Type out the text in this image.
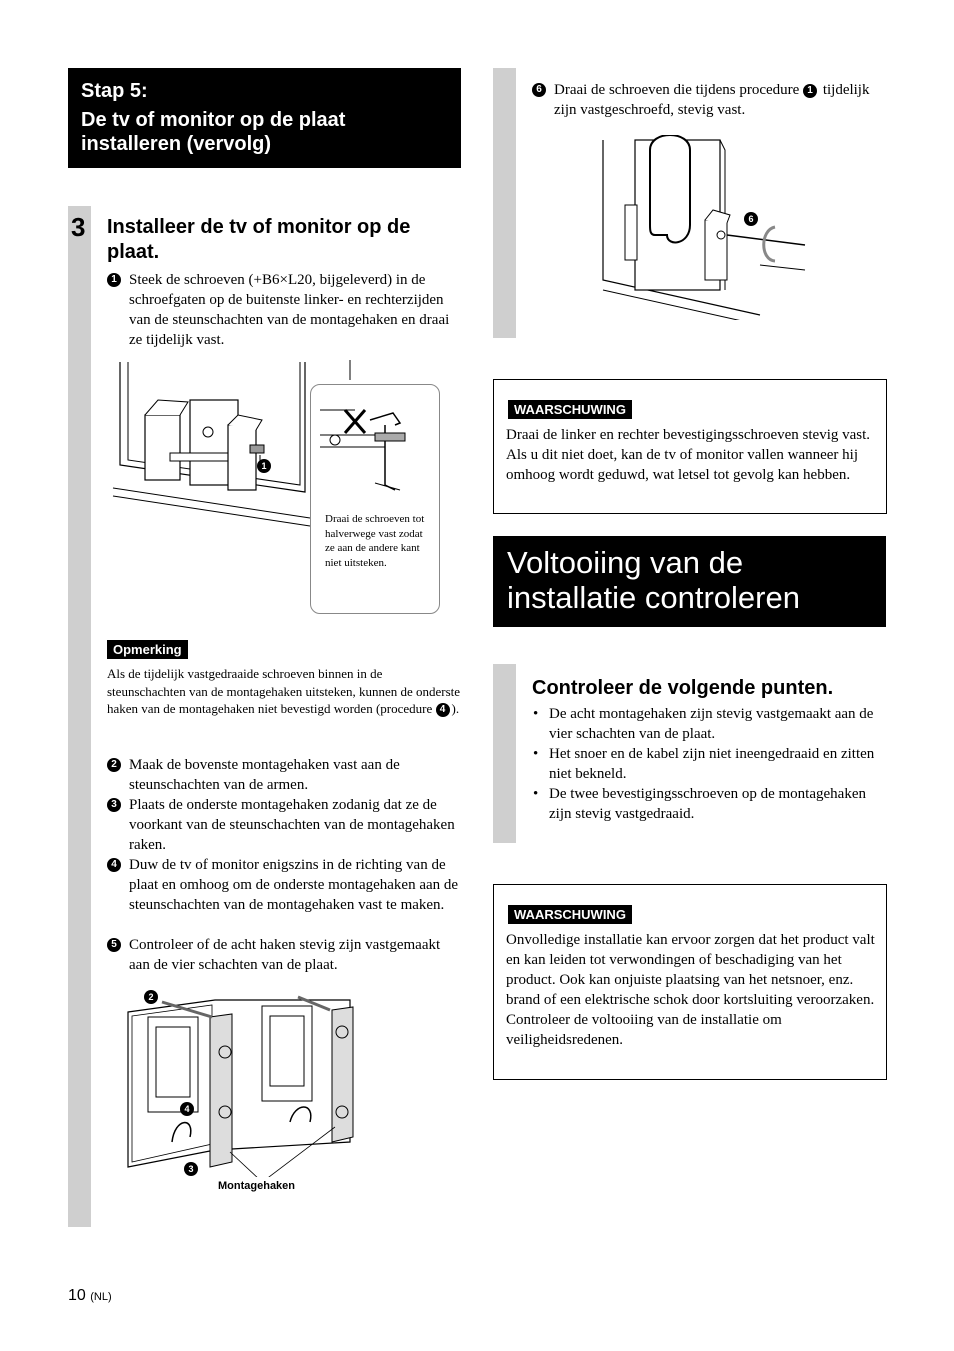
Stap 5:
De tv of monitor op de plaat installeren (vervolg)
3 Installeer de tv of monitor op de plaat.
1 Steek de schroeven (+B6×L20, bijgeleverd) in de schroefgaten op de buitenste linker- en rechterzijden van de steunschachten van de montagehaken en draai ze tijdelijk vast.
1
Draai de schroeven tot halverwege vast zodat ze aan de andere kant niet uitsteken.
Opmerking
Als de tijdelijk vastgedraaide schroeven binnen in de steunschachten van de montagehaken uitsteken, kunnen de onderste haken van de montagehaken niet bevestigd worden (procedure 4 ).
2 Maak de bovenste montagehaken vast aan de steunschachten van de armen.
3 Plaats de onderste montagehaken zodanig dat ze de voorkant van de steunschachten van de montagehaken raken.
4 Duw de tv of monitor enigszins in de richting van de plaat en omhoog om de onderste montagehaken aan de steunschachten van de montagehaken vast te maken.
5 Controleer of de acht haken stevig zijn vastgemaakt aan de vier schachten van de plaat.
2
4
3
Montagehaken
6 Draai de schroeven die tijdens procedure 1 tijdelijk zijn vastgeschroefd, stevig vast.
6
WAARSCHUWING
Draai de linker en rechter bevestigingsschroeven stevig vast. Als u dit niet doet, kan de tv of monitor vallen wanneer hij omhoog wordt geduwd, wat letsel tot gevolg kan hebben.
Voltooiing van de installatie controleren
Controleer de volgende punten.
• De acht montagehaken zijn stevig vastgemaakt aan de vier schachten van de plaat.
• Het snoer en de kabel zijn niet ineengedraaid en zitten niet bekneld.
• De twee bevestigingsschroeven op de montagehaken zijn stevig vastgedraaid.
WAARSCHUWING
Onvolledige installatie kan ervoor zorgen dat het product valt en kan leiden tot verwondingen of beschadiging van het product. Ook kan onjuiste plaatsing van het netsnoer, enz. brand of een elektrische schok door kortsluiting veroorzaken.
Controleer de voltooiing van de installatie om veiligheidsredenen.
10 (NL)
